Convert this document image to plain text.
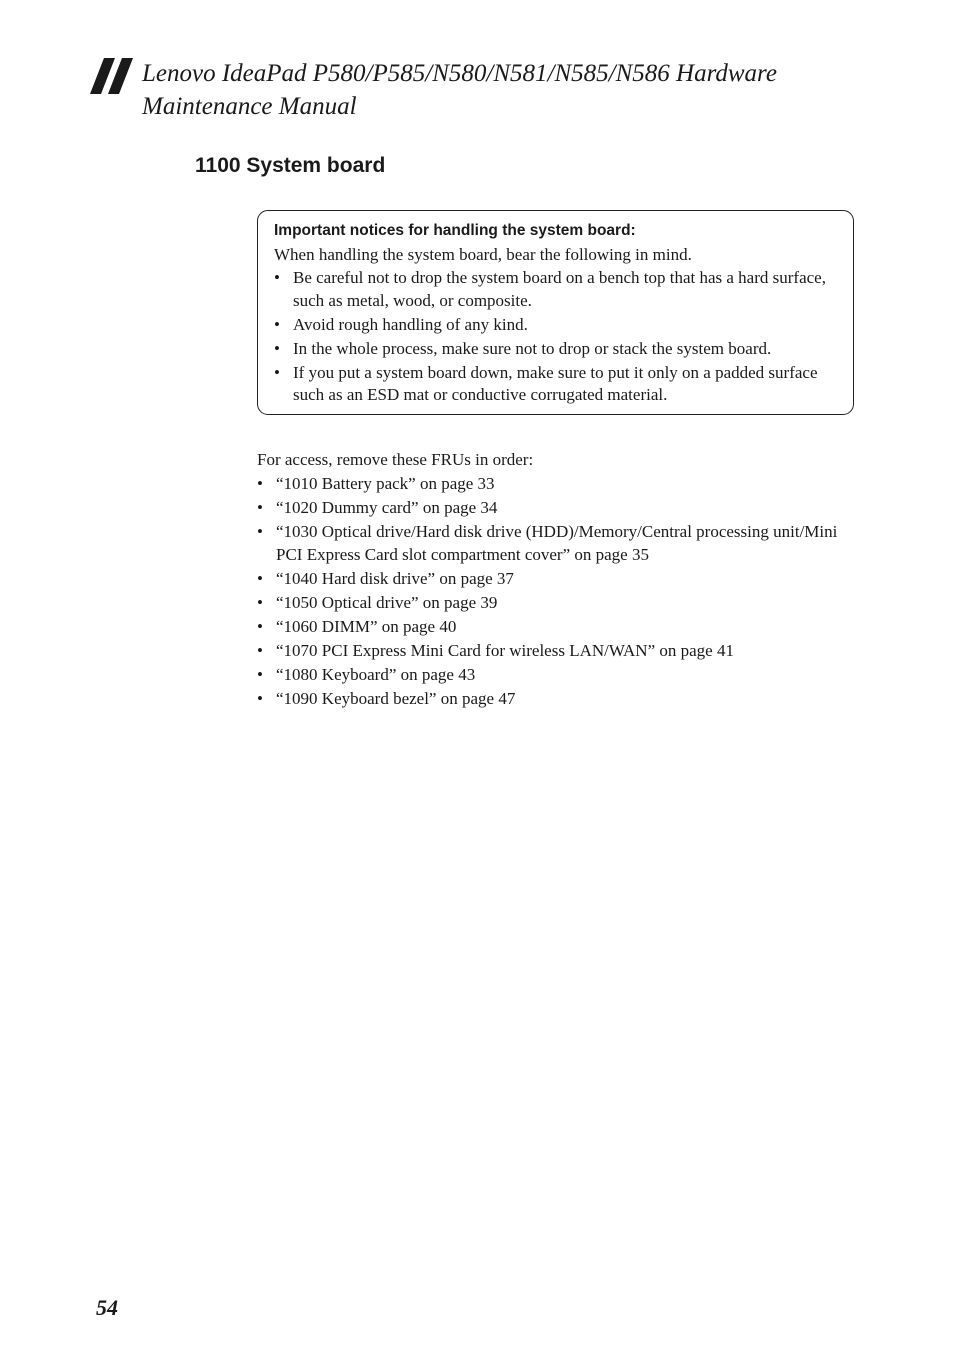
Lenovo IdeaPad P580/P585/N580/N581/N585/N586 Hardware Maintenance Manual
1100 System board
Important notices for handling the system board:
When handling the system board, bear the following in mind.
• Be careful not to drop the system board on a bench top that has a hard surface, such as metal, wood, or composite.
• Avoid rough handling of any kind.
• In the whole process, make sure not to drop or stack the system board.
• If you put a system board down, make sure to put it only on a padded surface such as an ESD mat or conductive corrugated material.
For access, remove these FRUs in order:
• “1010 Battery pack” on page 33
• “1020 Dummy card” on page 34
• “1030 Optical drive/Hard disk drive (HDD)/Memory/Central processing unit/Mini PCI Express Card slot compartment cover” on page 35
• “1040 Hard disk drive” on page 37
• “1050 Optical drive” on page 39
• “1060 DIMM” on page 40
• “1070 PCI Express Mini Card for wireless LAN/WAN” on page 41
• “1080 Keyboard” on page 43
• “1090 Keyboard bezel” on page 47
54
